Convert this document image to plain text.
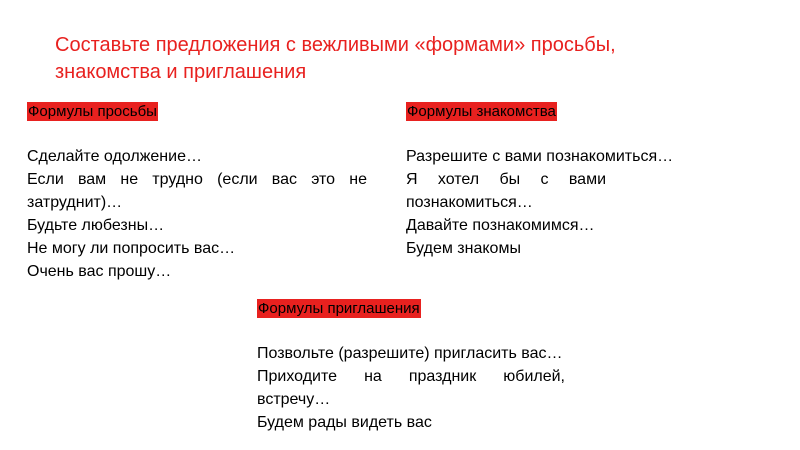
Составьте предложения с вежливыми «формами» просьбы,
знакомства и приглашения
Формулы просьбы
Сделайте одолжение…
Если вам не трудно (если вас это не затруднит)…
Будьте любезны…
Не могу ли попросить вас…
Очень вас прошу…
Формулы знакомства
Разрешите с вами познакомиться…
Я хотел бы с вами познакомиться…
Давайте познакомимся…
Будем знакомы
Формулы приглашения
Позвольте (разрешите) пригласить вас…
Приходите на праздник юбилей, встречу…
Будем рады видеть вас
